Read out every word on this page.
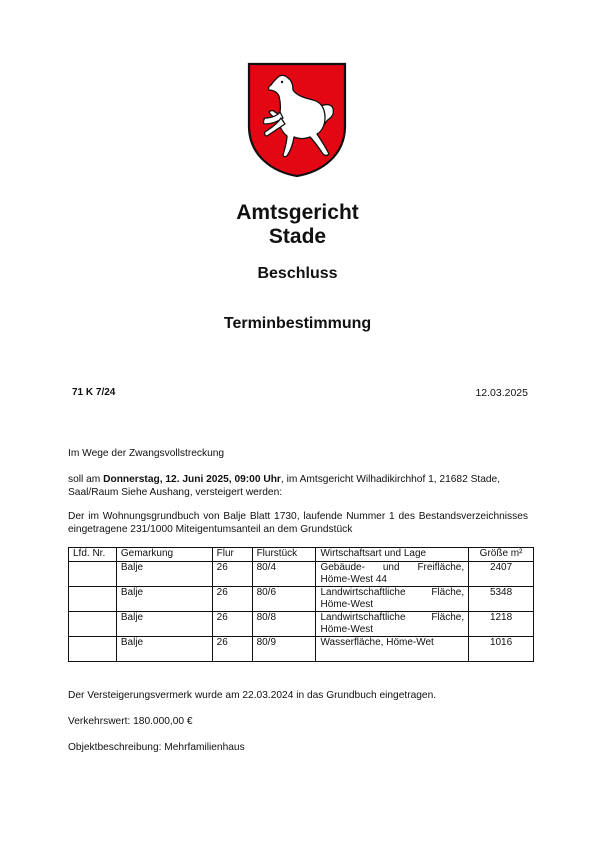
Amtsgericht
Stade
Beschluss
Terminbestimmung
71 K 7/24	12.03.2025
Im Wege der Zwangsvollstreckung
soll am Donnerstag, 12. Juni 2025, 09:00 Uhr, im Amtsgericht Wilhadikirchhof 1, 21682 Stade, Saal/Raum Siehe Aushang, versteigert werden:
Der im Wohnungsgrundbuch von Balje Blatt 1730, laufende Nummer 1 des Bestandsverzeichnisses eingetragene 231/1000 Miteigentumsanteil an dem Grundstück
Lfd. Nr.	Gemarkung	Flur	Flurstück	Wirtschaftsart und Lage	Größe m²
	Balje	26	80/4	Gebäude- und Freifläche, Höme-West 44	2407
	Balje	26	80/6	Landwirtschaftliche Fläche, Höme-West	5348
	Balje	26	80/8	Landwirtschaftliche Fläche, Höme-West	1218
	Balje	26	80/9	Wasserfläche, Höme-Wet	1016
Der Versteigerungsvermerk wurde am 22.03.2024 in das Grundbuch eingetragen.
Verkehrswert: 180.000,00 €
Objektbeschreibung: Mehrfamilienhaus
